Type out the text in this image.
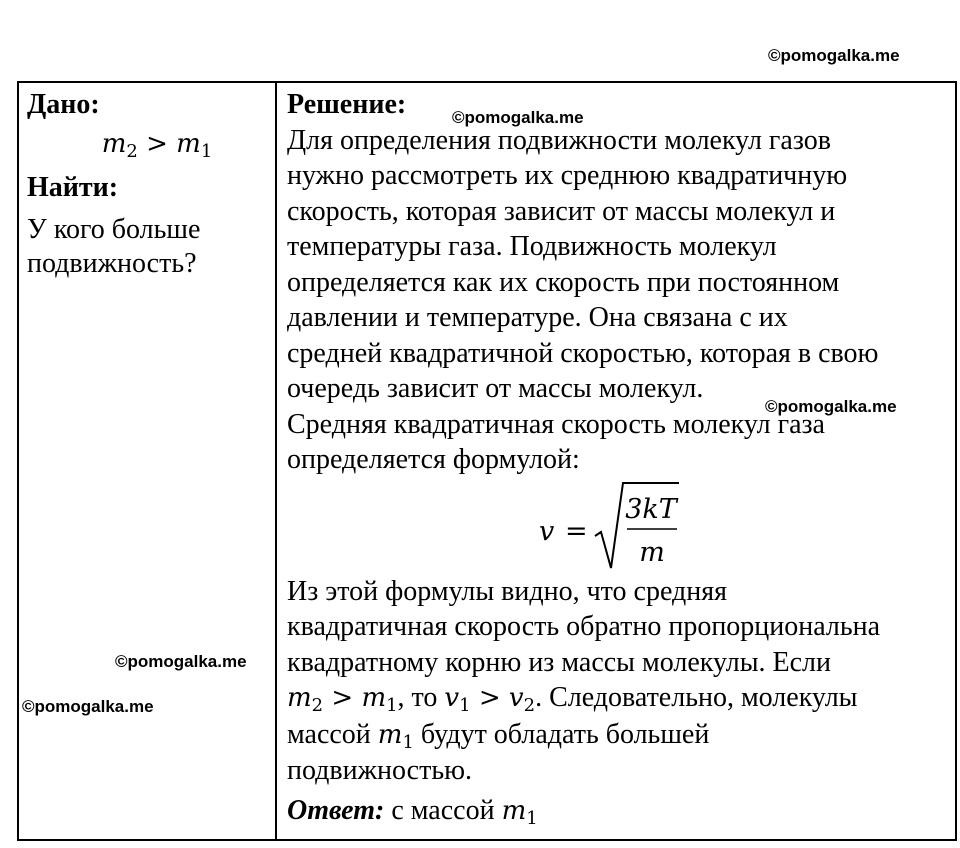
©pomogalka.me
Дано:
$m_2 > m_1$
Найти:
У кого больше подвижность?
Решение:
Для определения подвижности молекул газов
нужно рассмотреть их среднюю квадратичную
скорость, которая зависит от массы молекул и
температуры газа. Подвижность молекул
определяется как их скорость при постоянном
давлении и температуре. Она связана с их
средней квадратичной скоростью, которая в свою
очередь зависит от массы молекул.
Средняя квадратичная скорость молекул газа
определяется формулой:
v =
3kT
m
Из этой формулы видно, что средняя
квадратичная скорость обратно пропорциональна
квадратному корню из массы молекулы. Если
$m_2 > m_1$, то $v_1 > v_2$. Следовательно, молекулы
массой $m_1$ будут обладать большей
подвижностью.
Ответ: с массой $m_1$
©pomogalka.me
©pomogalka.me
©pomogalka.me
©pomogalka.me
